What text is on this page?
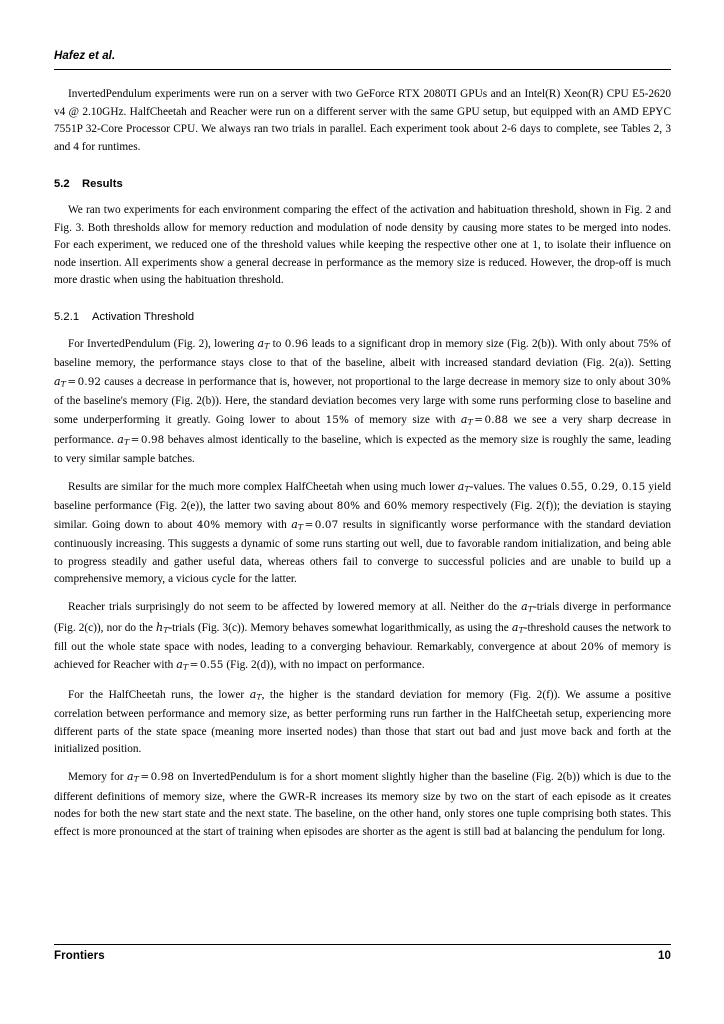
Hafez et al.

InvertedPendulum experiments were run on a server with two GeForce RTX 2080TI GPUs and an Intel(R) Xeon(R) CPU E5-2620 v4 @ 2.10GHz. HalfCheetah and Reacher were run on a different server with the same GPU setup, but equipped with an AMD EPYC 7551P 32-Core Processor CPU. We always ran two trials in parallel. Each experiment took about 2-6 days to complete, see Tables 2, 3 and 4 for runtimes.

5.2 Results

We ran two experiments for each environment comparing the effect of the activation and habituation threshold, shown in Fig. 2 and Fig. 3. Both thresholds allow for memory reduction and modulation of node density by causing more states to be merged into nodes. For each experiment, we reduced one of the threshold values while keeping the respective other one at 1, to isolate their influence on node insertion. All experiments show a general decrease in performance as the memory size is reduced. However, the drop-off is much more drastic when using the habituation threshold.

5.2.1 Activation Threshold

For InvertedPendulum (Fig. 2), lowering $a_T$ to 0.96 leads to a significant drop in memory size (Fig. 2(b)). With only about 75% of baseline memory, the performance stays close to that of the baseline, albeit with increased standard deviation (Fig. 2(a)). Setting $a_T = 0.92$ causes a decrease in performance that is, however, not proportional to the large decrease in memory size to only about 30% of the baseline's memory (Fig. 2(b)). Here, the standard deviation becomes very large with some runs performing close to baseline and some underperforming it greatly. Going lower to about 15% of memory size with $a_T = 0.88$ we see a very sharp decrease in performance. $a_T = 0.98$ behaves almost identically to the baseline, which is expected as the memory size is roughly the same, leading to very similar sample batches.

Results are similar for the much more complex HalfCheetah when using much lower $a_T$-values. The values 0.55, 0.29, 0.15 yield baseline performance (Fig. 2(e)), the latter two saving about 80% and 60% memory respectively (Fig. 2(f)); the deviation is staying similar. Going down to about 40% memory with $a_T = 0.07$ results in significantly worse performance with the standard deviation continuously increasing. This suggests a dynamic of some runs starting out well, due to favorable random initialization, and being able to progress steadily and gather useful data, whereas others fail to converge to successful policies and are unable to build up a comprehensive memory, a vicious cycle for the latter.

Reacher trials surprisingly do not seem to be affected by lowered memory at all. Neither do the $a_T$-trials diverge in performance (Fig. 2(c)), nor do the $h_T$-trials (Fig. 3(c)). Memory behaves somewhat logarithmically, as using the $a_T$-threshold causes the network to fill out the whole state space with nodes, leading to a converging behaviour. Remarkably, convergence at about 20% of memory is achieved for Reacher with $a_T = 0.55$ (Fig. 2(d)), with no impact on performance.

For the HalfCheetah runs, the lower $a_T$, the higher is the standard deviation for memory (Fig. 2(f)). We assume a positive correlation between performance and memory size, as better performing runs run farther in the HalfCheetah setup, experiencing more different parts of the state space (meaning more inserted nodes) than those that start out bad and just move back and forth at the initialized position.

Memory for $a_T = 0.98$ on InvertedPendulum is for a short moment slightly higher than the baseline (Fig. 2(b)) which is due to the different definitions of memory size, where the GWR-R increases its memory size by two on the start of each episode as it creates nodes for both the new start state and the next state. The baseline, on the other hand, only stores one tuple comprising both states. This effect is more pronounced at the start of training when episodes are shorter as the agent is still bad at balancing the pendulum for long.

Frontiers	10
